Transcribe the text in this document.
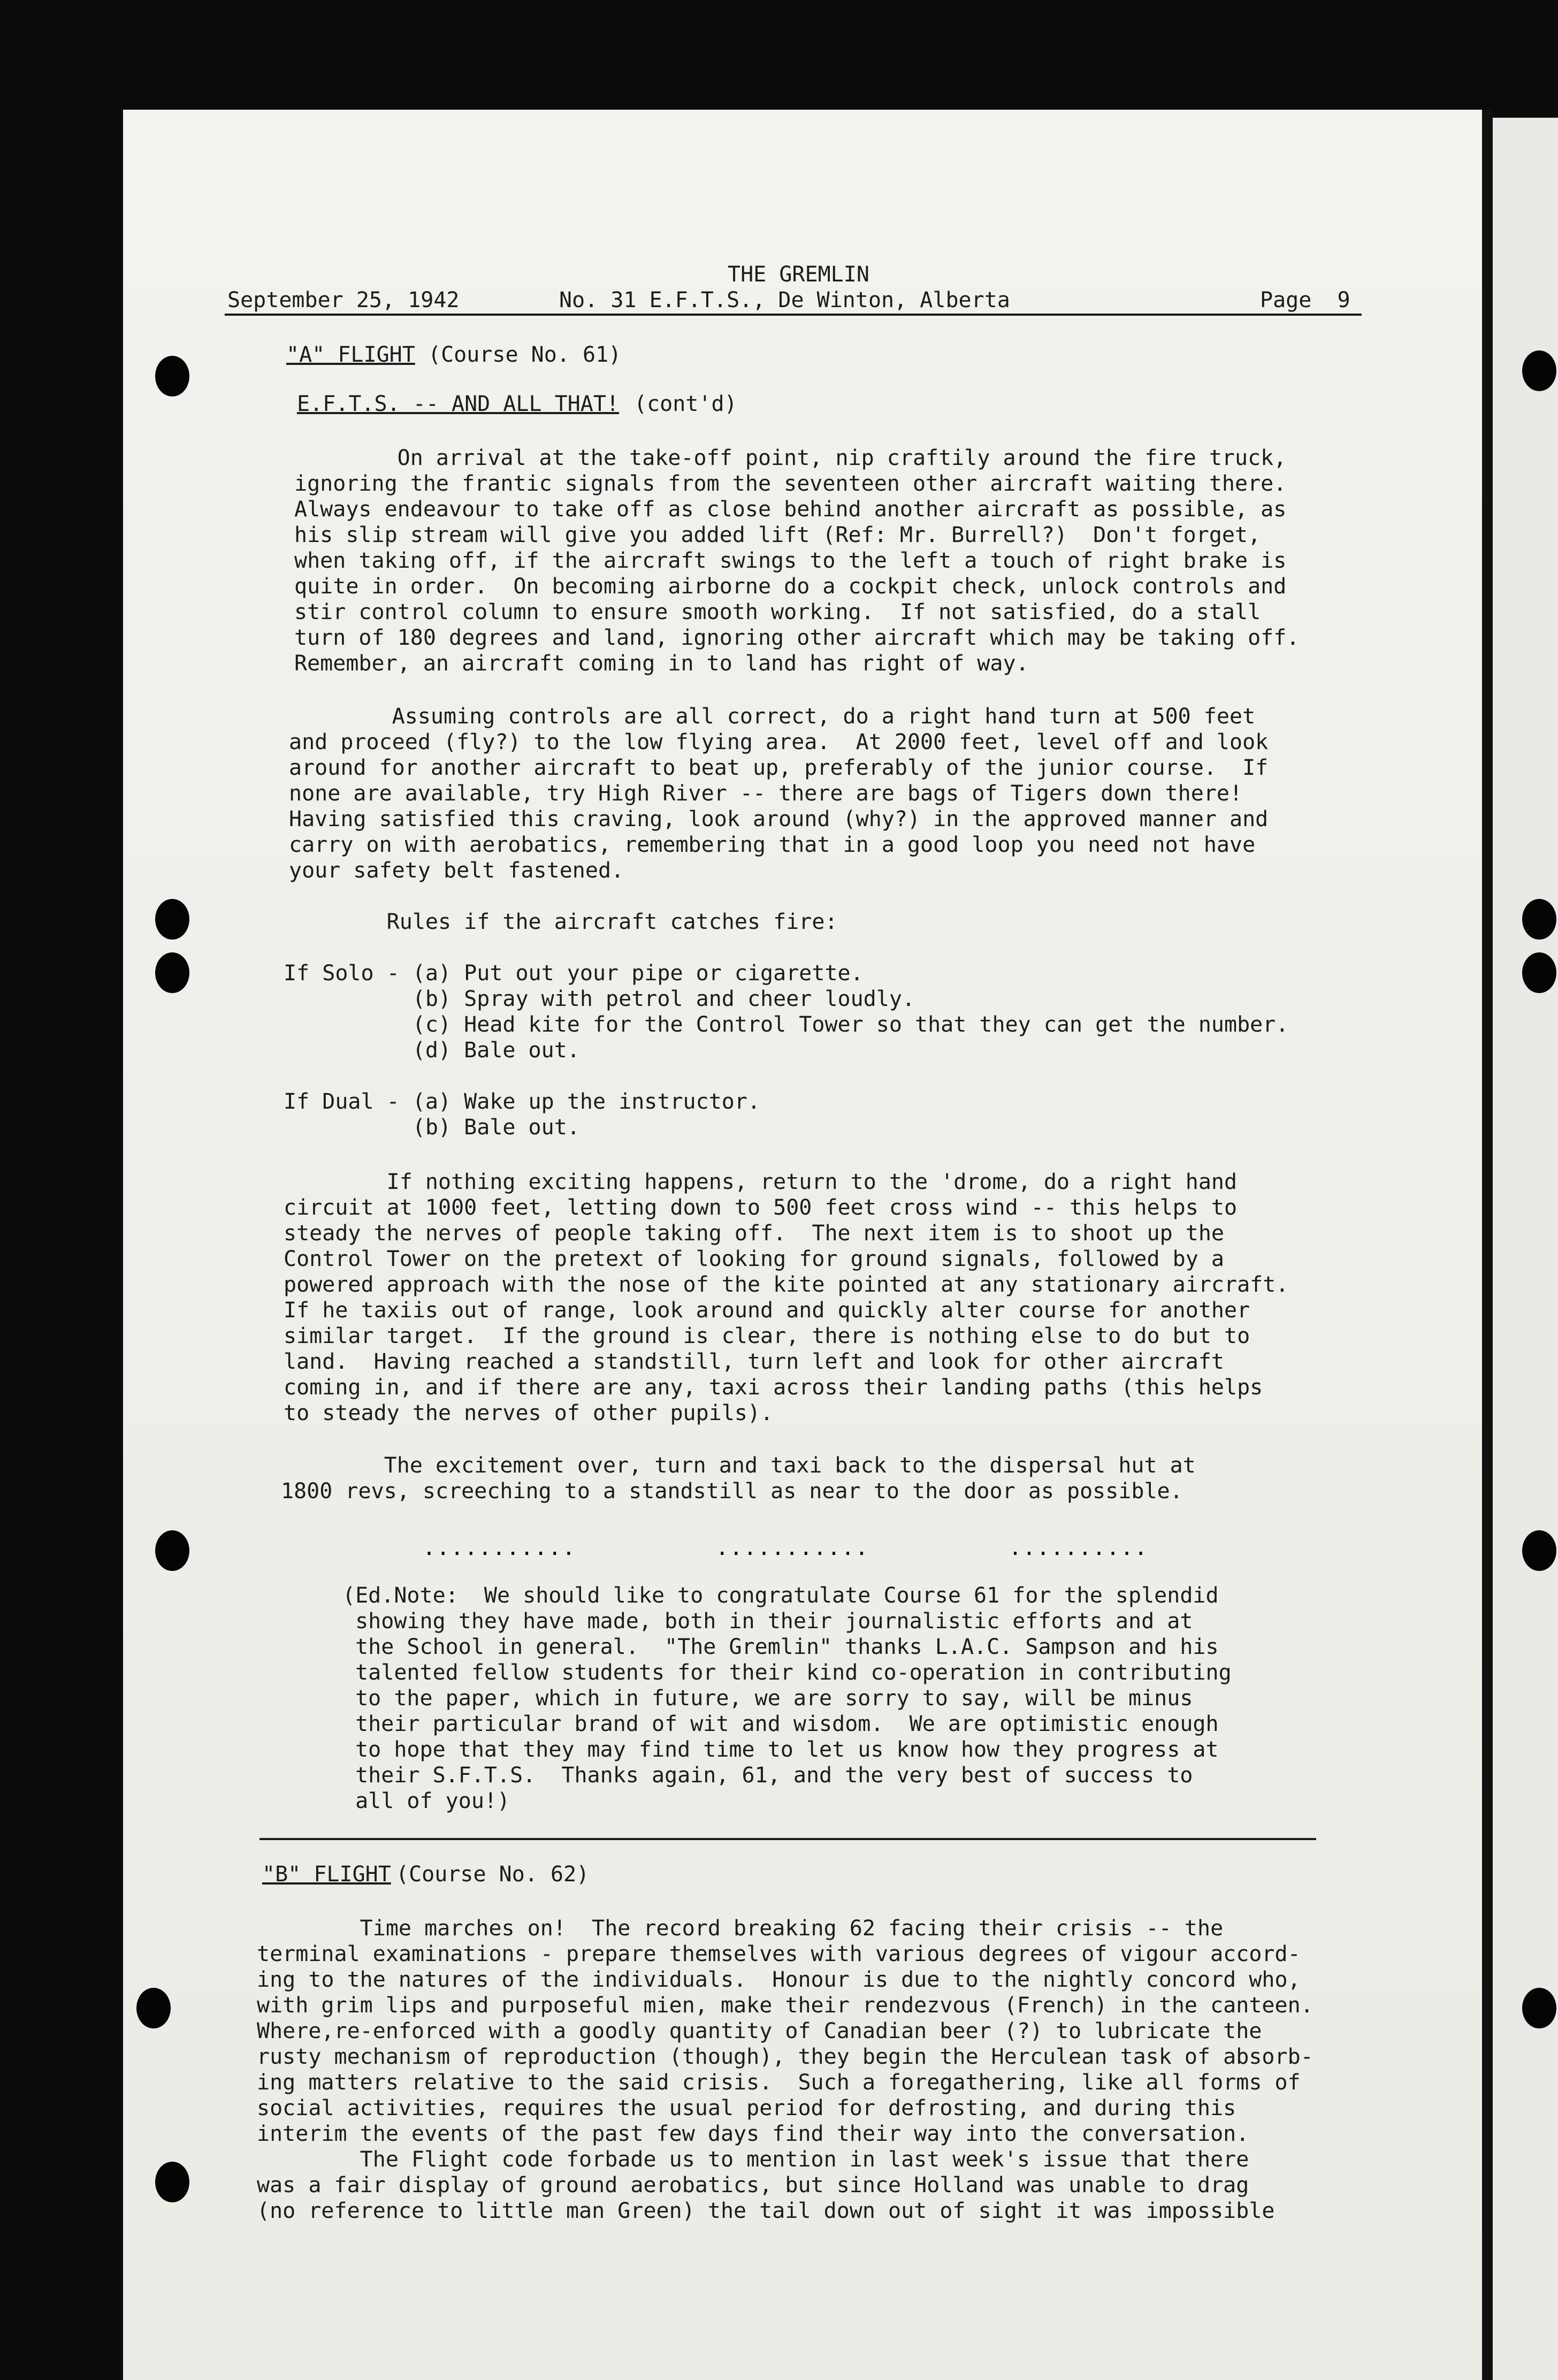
THE GREMLIN
September 25, 1942	No. 31 E.F.T.S., De Winton, Alberta	Page  9
"A" FLIGHT (Course No. 61)
E.F.T.S. -- AND ALL THAT! (cont'd)
On arrival at the take-off point, nip craftily around the fire truck,
ignoring the frantic signals from the seventeen other aircraft waiting there.
Always endeavour to take off as close behind another aircraft as possible, as
his slip stream will give you added lift (Ref: Mr. Burrell?)  Don't forget,
when taking off, if the aircraft swings to the left a touch of right brake is
quite in order.  On becoming airborne do a cockpit check, unlock controls and
stir control column to ensure smooth working.  If not satisfied, do a stall
turn of 180 degrees and land, ignoring other aircraft which may be taking off.
Remember, an aircraft coming in to land has right of way.
Assuming controls are all correct, do a right hand turn at 500 feet
and proceed (fly?) to the low flying area.  At 2000 feet, level off and look
around for another aircraft to beat up, preferably of the junior course.  If
none are available, try High River -- there are bags of Tigers down there!
Having satisfied this craving, look around (why?) in the approved manner and
carry on with aerobatics, remembering that in a good loop you need not have
your safety belt fastened.
Rules if the aircraft catches fire:
If Solo - (a) Put out your pipe or cigarette.
(b) Spray with petrol and cheer loudly.
(c) Head kite for the Control Tower so that they can get the number.
(d) Bale out.
If Dual - (a) Wake up the instructor.
(b) Bale out.
If nothing exciting happens, return to the 'drome, do a right hand
circuit at 1000 feet, letting down to 500 feet cross wind -- this helps to
steady the nerves of people taking off.  The next item is to shoot up the
Control Tower on the pretext of looking for ground signals, followed by a
powered approach with the nose of the kite pointed at any stationary aircraft.
If he taxiis out of range, look around and quickly alter course for another
similar target.  If the ground is clear, there is nothing else to do but to
land.  Having reached a standstill, turn left and look for other aircraft
coming in, and if there are any, taxi across their landing paths (this helps
to steady the nerves of other pupils).
The excitement over, turn and taxi back to the dispersal hut at
1800 revs, screeching to a standstill as near to the door as possible.
...........          ...........          ..........
(Ed.Note:  We should like to congratulate Course 61 for the splendid
showing they have made, both in their journalistic efforts and at
the School in general.  "The Gremlin" thanks L.A.C. Sampson and his
talented fellow students for their kind co-operation in contributing
to the paper, which in future, we are sorry to say, will be minus
their particular brand of wit and wisdom.  We are optimistic enough
to hope that they may find time to let us know how they progress at
their S.F.T.S.  Thanks again, 61, and the very best of success to
all of you!)
"B" FLIGHT (Course No. 62)
Time marches on!  The record breaking 62 facing their crisis -- the
terminal examinations - prepare themselves with various degrees of vigour accord-
ing to the natures of the individuals.  Honour is due to the nightly concord who,
with grim lips and purposeful mien, make their rendezvous (French) in the canteen.
Where,re-enforced with a goodly quantity of Canadian beer (?) to lubricate the
rusty mechanism of reproduction (though), they begin the Herculean task of absorb-
ing matters relative to the said crisis.  Such a foregathering, like all forms of
social activities, requires the usual period for defrosting, and during this
interim the events of the past few days find their way into the conversation.
The Flight code forbade us to mention in last week's issue that there
was a fair display of ground aerobatics, but since Holland was unable to drag
(no reference to little man Green) the tail down out of sight it was impossible
